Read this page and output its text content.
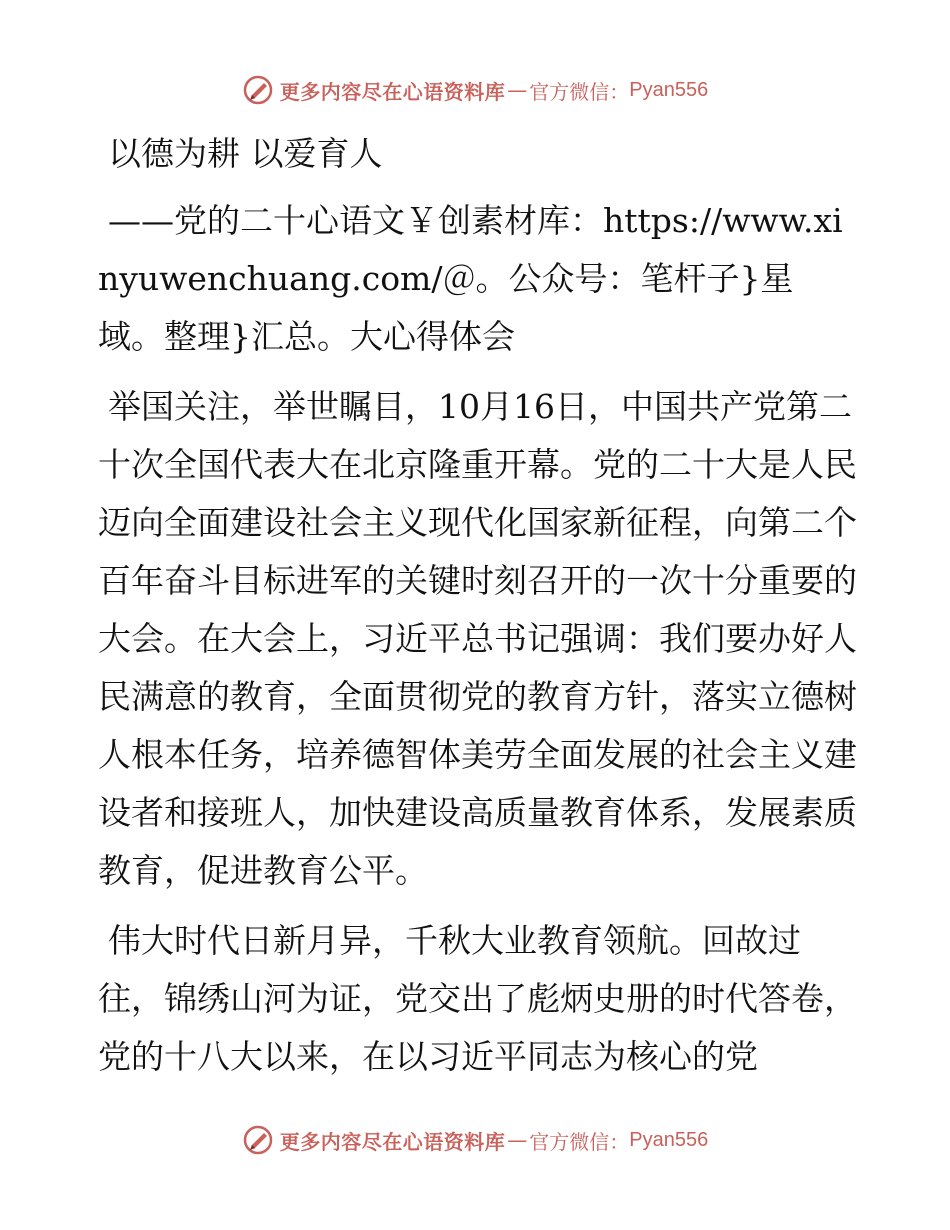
更多内容尽在心语资料库 — 官方微信： Pyan556
以德为耕 以爱育人
——党的二十心语文￥创素材库：https://www.xinyuwenchuang.com/＠。公众号：笔杆子}星域。整理}汇总。大心得体会
举国关注，举世瞩目，10月16日，中国共产党第二十次全国代表大在北京隆重开幕。党的二十大是人民迈向全面建设社会主义现代化国家新征程，向第二个百年奋斗目标进军的关键时刻召开的一次十分重要的大会。在大会上，习近平总书记强调：我们要办好人民满意的教育，全面贯彻党的教育方针，落实立德树人根本任务，培养德智体美劳全面发展的社会主义建设者和接班人，加快建设高质量教育体系，发展素质教育，促进教育公平。
伟大时代日新月异，千秋大业教育领航。回故过往，锦绣山河为证，党交出了彪炳史册的时代答卷，党的十八大以来，在以习近平同志为核心的党
更多内容尽在心语资料库 — 官方微信： Pyan556
